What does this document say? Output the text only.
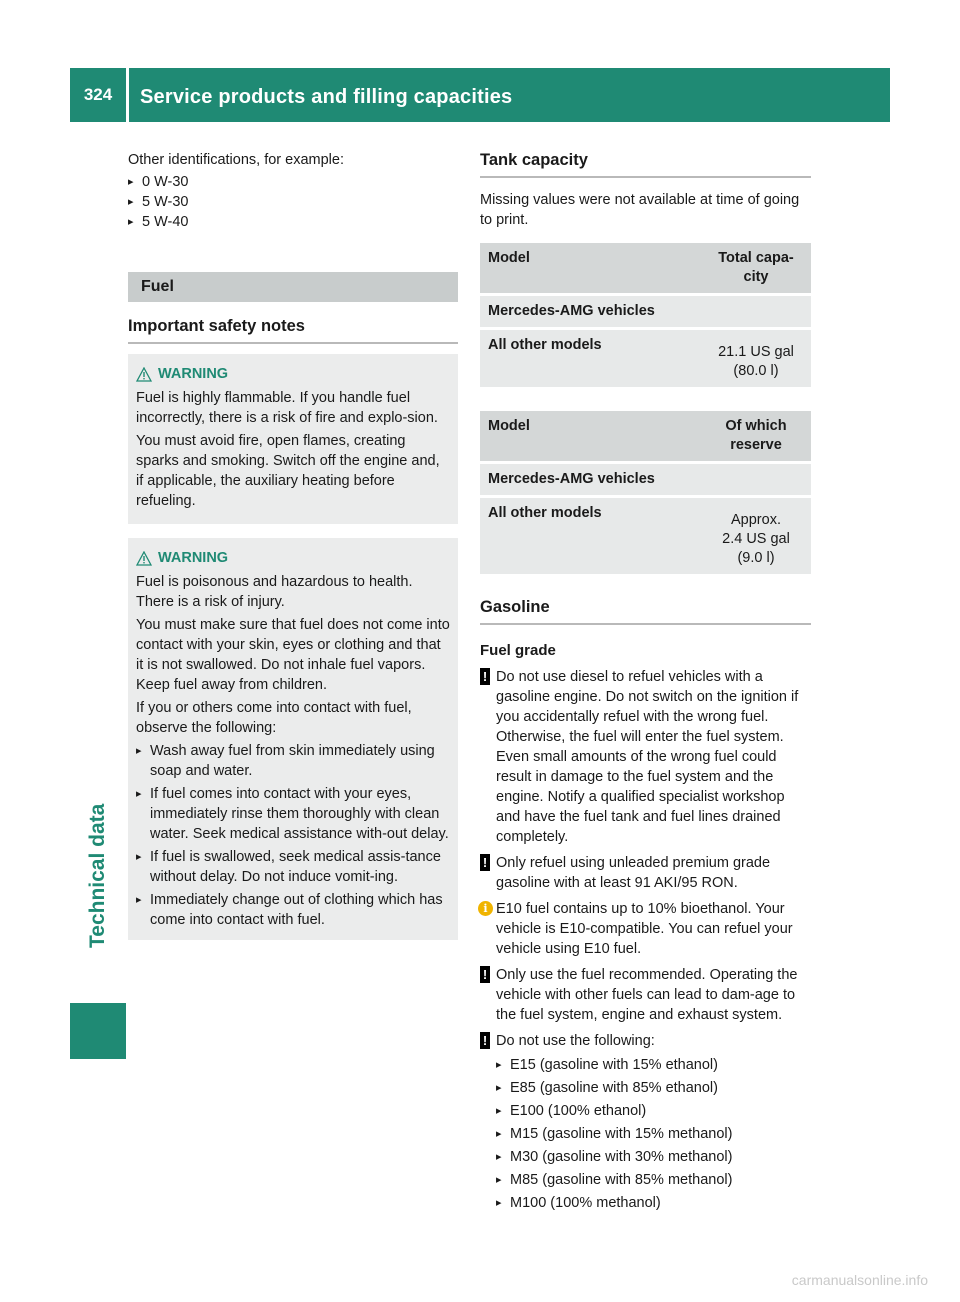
324	Service products and filling capacities
Technical data
Other identifications, for example:
▸ 0 W-30
▸ 5 W-30
▸ 5 W-40
Fuel
Important safety notes
WARNING

Fuel is highly flammable. If you handle fuel incorrectly, there is a risk of fire and explo-sion.

You must avoid fire, open flames, creating sparks and smoking. Switch off the engine and, if applicable, the auxiliary heating before refueling.

WARNING

Fuel is poisonous and hazardous to health. There is a risk of injury.

You must make sure that fuel does not come into contact with your skin, eyes or clothing and that it is not swallowed. Do not inhale fuel vapors. Keep fuel away from children.

If you or others come into contact with fuel, observe the following:

▸ Wash away fuel from skin immediately using soap and water.
▸ If fuel comes into contact with your eyes, immediately rinse them thoroughly with clean water. Seek medical assistance with-out delay.
▸ If fuel is swallowed, seek medical assis-tance without delay. Do not induce vomit-ing.
▸ Immediately change out of clothing which has come into contact with fuel.
Tank capacity

Missing values were not available at time of going to print.

Model	Total capa-
city
Mercedes-AMG vehicles	
All other models	21.1 US gal
(80.0 l)
Model	Of which
reserve
Mercedes-AMG vehicles	
All other models	Approx.
2.4 US gal
(9.0 l)
Gasoline
Fuel grade
! Do not use diesel to refuel vehicles with a gasoline engine. Do not switch on the ignition if you accidentally refuel with the wrong fuel. Otherwise, the fuel will enter the fuel system. Even small amounts of the wrong fuel could result in damage to the fuel system and the engine. Notify a qualified specialist workshop and have the fuel tank and fuel lines drained completely.
! Only refuel using unleaded premium grade gasoline with at least 91 AKI/95 RON.
i E10 fuel contains up to 10% bioethanol. Your vehicle is E10-compatible. You can refuel your vehicle using E10 fuel.
! Only use the fuel recommended. Operating the vehicle with other fuels can lead to dam-age to the fuel system, engine and exhaust system.
! Do not use the following:
▸ E15 (gasoline with 15% ethanol)
▸ E85 (gasoline with 85% ethanol)
▸ E100 (100% ethanol)
▸ M15 (gasoline with 15% methanol)
▸ M30 (gasoline with 30% methanol)
▸ M85 (gasoline with 85% methanol)
▸ M100 (100% methanol)
carmanualsonline.info
